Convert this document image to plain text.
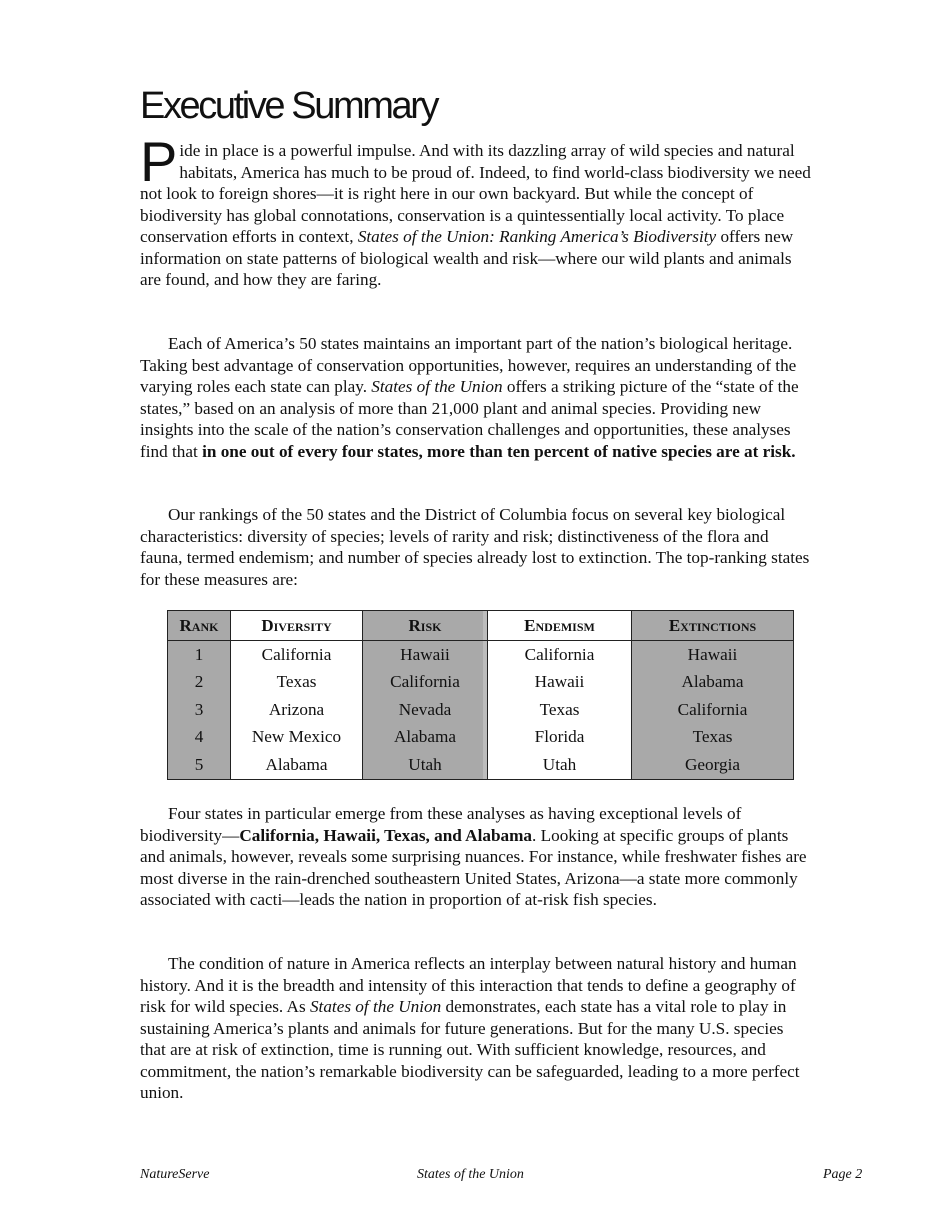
Executive Summary

Pide in place is a powerful impulse. And with its dazzling array of wild species and natural habitats, America has much to be proud of. Indeed, to find world-class biodiversity we need not look to foreign shores—it is right here in our own backyard. But while the concept of biodiversity has global connotations, conservation is a quintessentially local activity. To place conservation efforts in context, States of the Union: Ranking America’s Biodiversity offers new information on state patterns of biological wealth and risk—where our wild plants and animals are found, and how they are faring.

Each of America’s 50 states maintains an important part of the nation’s biological heritage. Taking best advantage of conservation opportunities, however, requires an understanding of the varying roles each state can play. States of the Union offers a striking picture of the “state of the states,” based on an analysis of more than 21,000 plant and animal species. Providing new insights into the scale of the nation’s conservation challenges and opportunities, these analyses find that in one out of every four states, more than ten percent of native species are at risk.

Our rankings of the 50 states and the District of Columbia focus on several key biological characteristics: diversity of species; levels of rarity and risk; distinctiveness of the flora and fauna, termed endemism; and number of species already lost to extinction. The top-ranking states for these measures are:

Rank	Diversity	Risk	Endemism	Extinctions
1	California	Hawaii	California	Hawaii
2	Texas	California	Hawaii	Alabama
3	Arizona	Nevada	Texas	California
4	New Mexico	Alabama	Florida	Texas
5	Alabama	Utah	Utah	Georgia

Four states in particular emerge from these analyses as having exceptional levels of biodiversity—California, Hawaii, Texas, and Alabama. Looking at specific groups of plants and animals, however, reveals some surprising nuances. For instance, while freshwater fishes are most diverse in the rain-drenched southeastern United States, Arizona—a state more commonly associated with cacti—leads the nation in proportion of at-risk fish species.

The condition of nature in America reflects an interplay between natural history and human history. And it is the breadth and intensity of this interaction that tends to define a geography of risk for wild species. As States of the Union demonstrates, each state has a vital role to play in sustaining America’s plants and animals for future generations. But for the many U.S. species that are at risk of extinction, time is running out. With sufficient knowledge, resources, and commitment, the nation’s remarkable biodiversity can be safeguarded, leading to a more perfect union.

NatureServe	States of the Union	Page 2
